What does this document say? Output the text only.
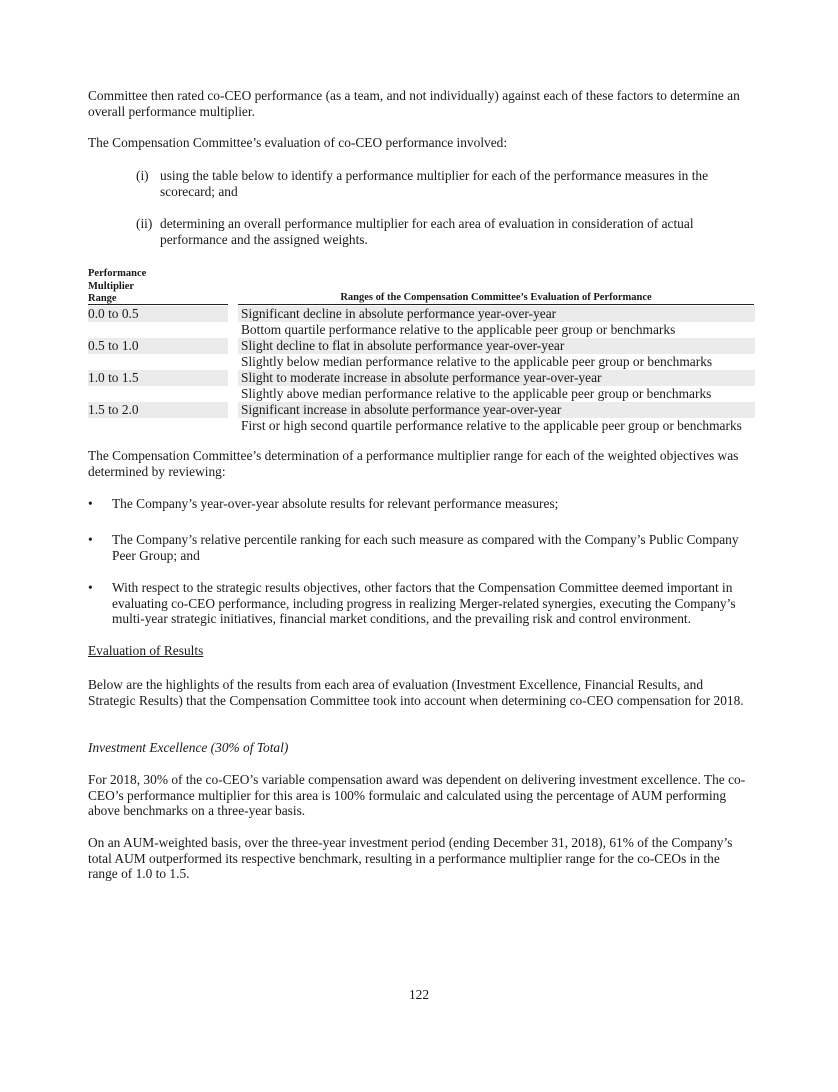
Committee then rated co-CEO performance (as a team, and not individually) against each of these factors to determine an overall performance multiplier.

The Compensation Committee’s evaluation of co-CEO performance involved:

(i) using the table below to identify a performance multiplier for each of the performance measures in the scorecard; and
(ii) determining an overall performance multiplier for each area of evaluation in consideration of actual performance and the assigned weights.
Performance
Multiplier
Range	Ranges of the Compensation Committee’s Evaluation of Performance
0.0 to 0.5	Significant decline in absolute performance year-over-year
Bottom quartile performance relative to the applicable peer group or benchmarks
0.5 to 1.0	Slight decline to flat in absolute performance year-over-year
Slightly below median performance relative to the applicable peer group or benchmarks
1.0 to 1.5	Slight to moderate increase in absolute performance year-over-year
Slightly above median performance relative to the applicable peer group or benchmarks
1.5 to 2.0	Significant increase in absolute performance year-over-year
First or high second quartile performance relative to the applicable peer group or benchmarks

The Compensation Committee’s determination of a performance multiplier range for each of the weighted objectives was determined by reviewing:

• The Company’s year-over-year absolute results for relevant performance measures;
• The Company’s relative percentile ranking for each such measure as compared with the Company’s Public Company Peer Group; and
• With respect to the strategic results objectives, other factors that the Compensation Committee deemed important in evaluating co-CEO performance, including progress in realizing Merger-related synergies, executing the Company’s multi-year strategic initiatives, financial market conditions, and the prevailing risk and control environment.

Evaluation of Results

Below are the highlights of the results from each area of evaluation (Investment Excellence, Financial Results, and Strategic Results) that the Compensation Committee took into account when determining co-CEO compensation for 2018.

Investment Excellence (30% of Total)

For 2018, 30% of the co-CEO’s variable compensation award was dependent on delivering investment excellence. The co-CEO’s performance multiplier for this area is 100% formulaic and calculated using the percentage of AUM performing above benchmarks on a three-year basis.

On an AUM-weighted basis, over the three-year investment period (ending December 31, 2018), 61% of the Company’s total AUM outperformed its respective benchmark, resulting in a performance multiplier range for the co-CEOs in the range of 1.0 to 1.5.

122
